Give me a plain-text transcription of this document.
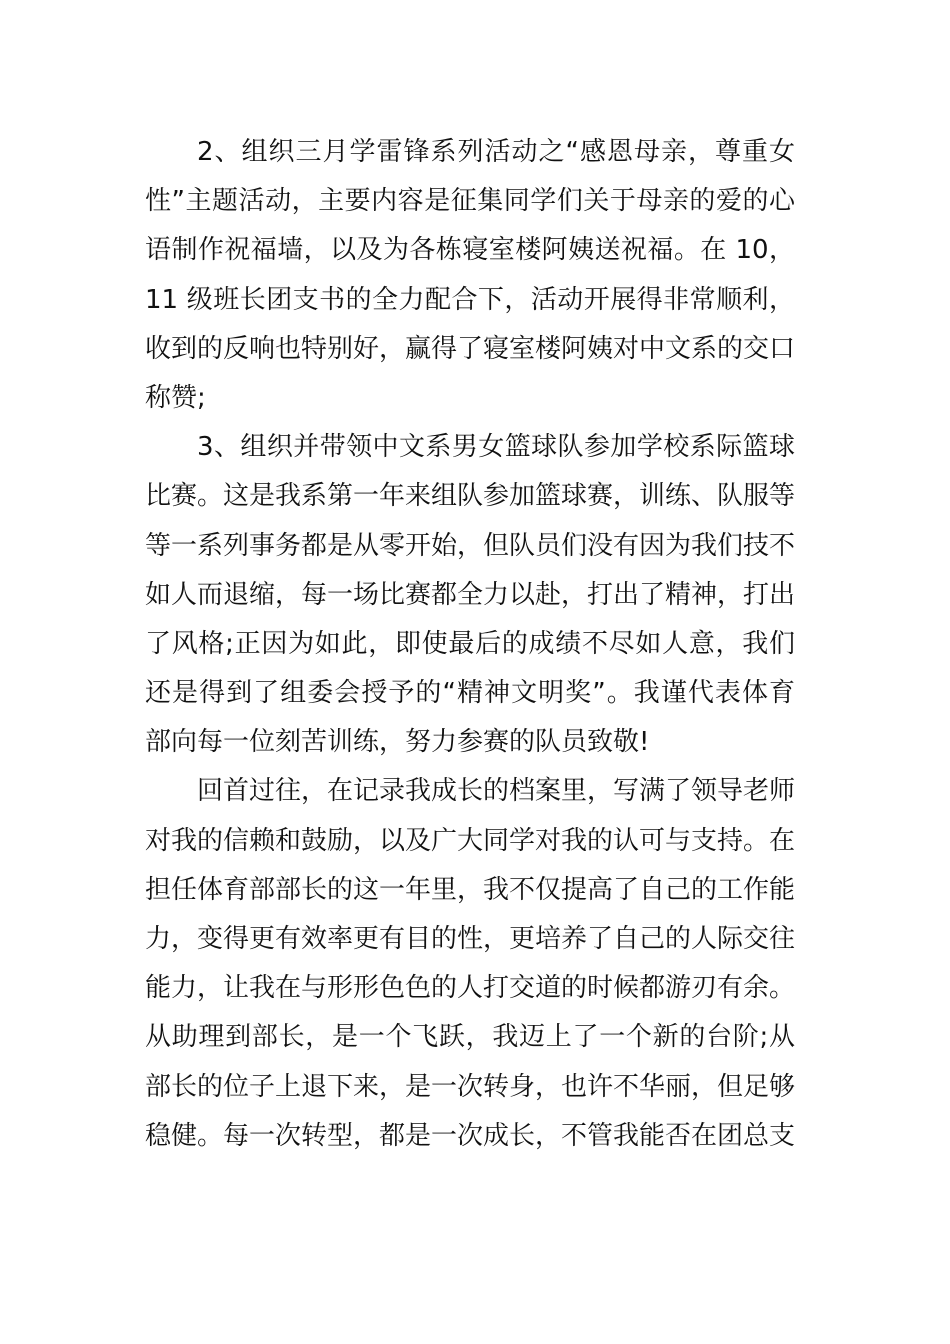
2、组织三月学雷锋系列活动之“感恩母亲，尊重女
性”主题活动，主要内容是征集同学们关于母亲的爱的心
语制作祝福墙，以及为各栋寝室楼阿姨送祝福。在 10，
11 级班长团支书的全力配合下，活动开展得非常顺利，
收到的反响也特别好，赢得了寝室楼阿姨对中文系的交口
称赞;
3、组织并带领中文系男女篮球队参加学校系际篮球
比赛。这是我系第一年来组队参加篮球赛，训练、队服等
等一系列事务都是从零开始，但队员们没有因为我们技不
如人而退缩，每一场比赛都全力以赴，打出了精神，打出
了风格;正因为如此，即使最后的成绩不尽如人意，我们
还是得到了组委会授予的“精神文明奖”。我谨代表体育
部向每一位刻苦训练，努力参赛的队员致敬!
回首过往，在记录我成长的档案里，写满了领导老师
对我的信赖和鼓励，以及广大同学对我的认可与支持。在
担任体育部部长的这一年里，我不仅提高了自己的工作能
力，变得更有效率更有目的性，更培养了自己的人际交往
能力，让我在与形形色色的人打交道的时候都游刃有余。
从助理到部长，是一个飞跃，我迈上了一个新的台阶;从
部长的位子上退下来，是一次转身，也许不华丽，但足够
稳健。每一次转型，都是一次成长，不管我能否在团总支
